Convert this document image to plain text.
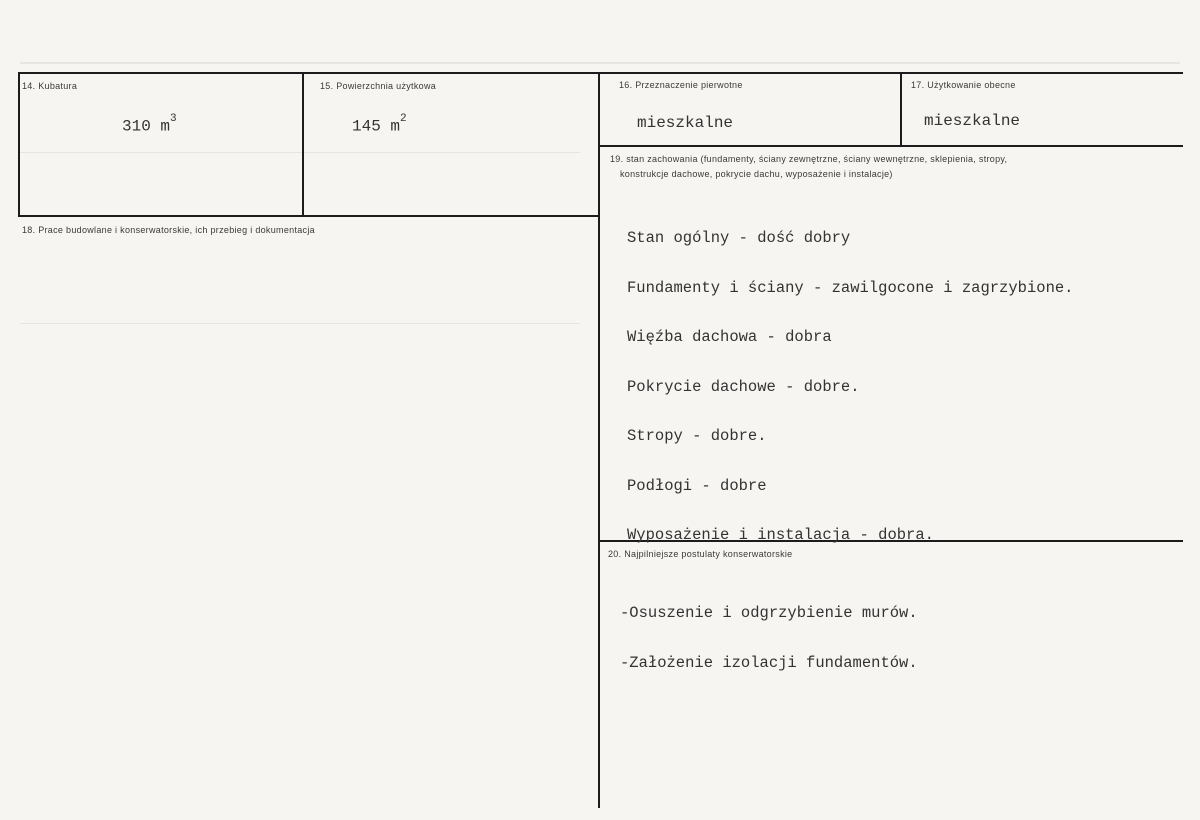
14. Kubatura
310 $m^3$
15. Powierzchnia użytkowa
145 $m^2$
16. Przeznaczenie pierwotne
mieszkalne
17. Użytkowanie obecne
mieszkalne
18. Prace budowlane i konserwatorskie, ich przebieg i dokumentacja
19. stan zachowania (fundamenty, ściany zewnętrzne, ściany wewnętrzne, sklepienia, stropy,
konstrukcje dachowe, pokrycie dachu, wyposażenie i instalacje)

Stan ogólny - dość dobry

Fundamenty i ściany - zawilgocone i zagrzybione.

Więźba dachowa - dobra

Pokrycie dachowe - dobre.

Stropy - dobre.

Podłogi - dobre

Wyposażenie i instalacja - dobra.

20. Najpilniejsze postulaty konserwatorskie

-Osuszenie i odgrzybienie murów.

-Założenie izolacji fundamentów.
